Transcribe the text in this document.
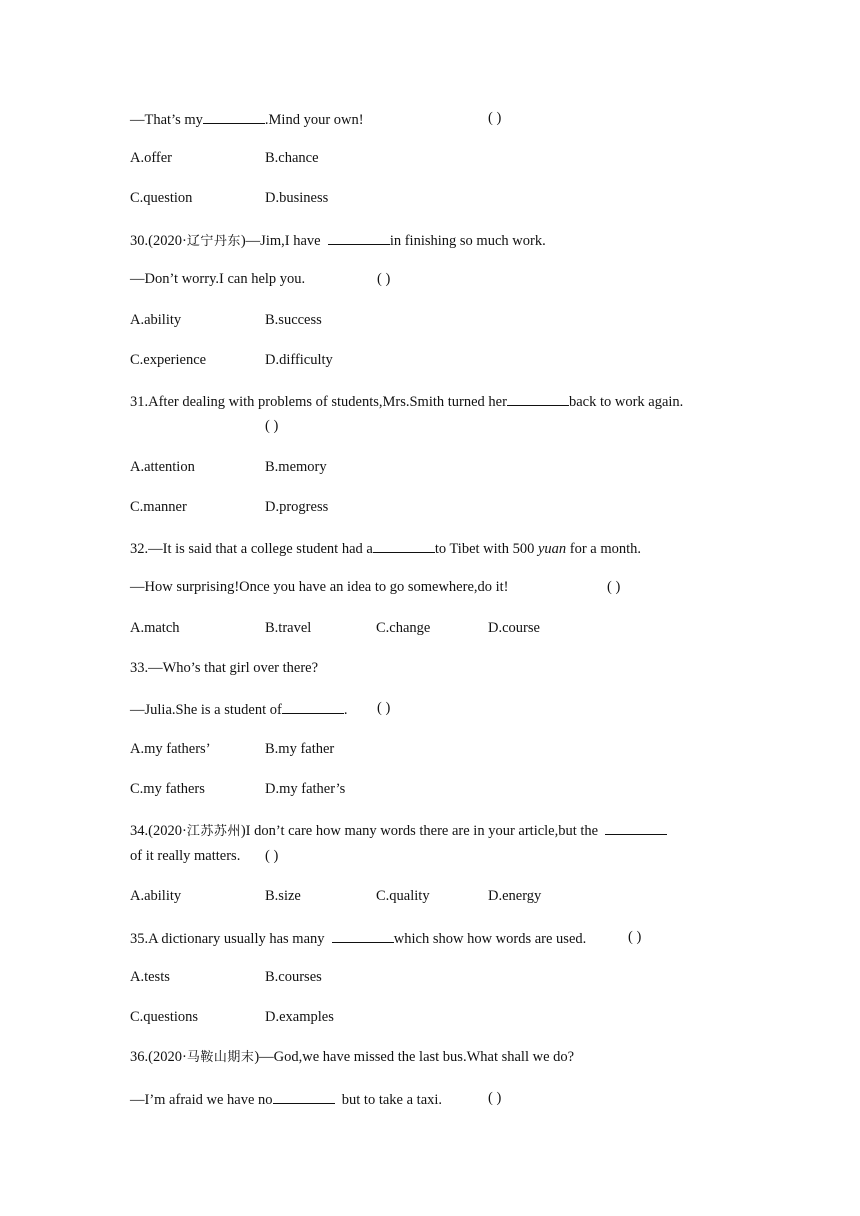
—That’s my	.Mind your own!	( )
A.offer	B.chance
C.question	D.business
30.(2020·辽宁丹东)—Jim,I have	in finishing so much work.
—Don’t worry.I can help you.	( )
A.ability	B.success
C.experience	D.difficulty
31.After dealing with problems of students,Mrs.Smith turned her	back to work again.
( )
A.attention	B.memory
C.manner	D.progress
32.—It is said that a college student had a	to Tibet with 500 yuan for a month.
—How surprising!Once you have an idea to go somewhere,do it!	( )
A.match	B.travel	C.change	D.course
33.—Who’s that girl over there?
—Julia.She is a student of	. ( )
A.my fathers’	B.my father
C.my fathers	D.my father’s
34.(2020·江苏苏州)I don’t care how many words there are in your article,but the
of it really matters. ( )
A.ability	B.size	C.quality	D.energy
35.A dictionary usually has many	which show how words are used.	( )
A.tests	B.courses
C.questions	D.examples
36.(2020·马鞍山期末)—God,we have missed the last bus.What shall we do?
—I’m afraid we have no	but to take a taxi.	( )
